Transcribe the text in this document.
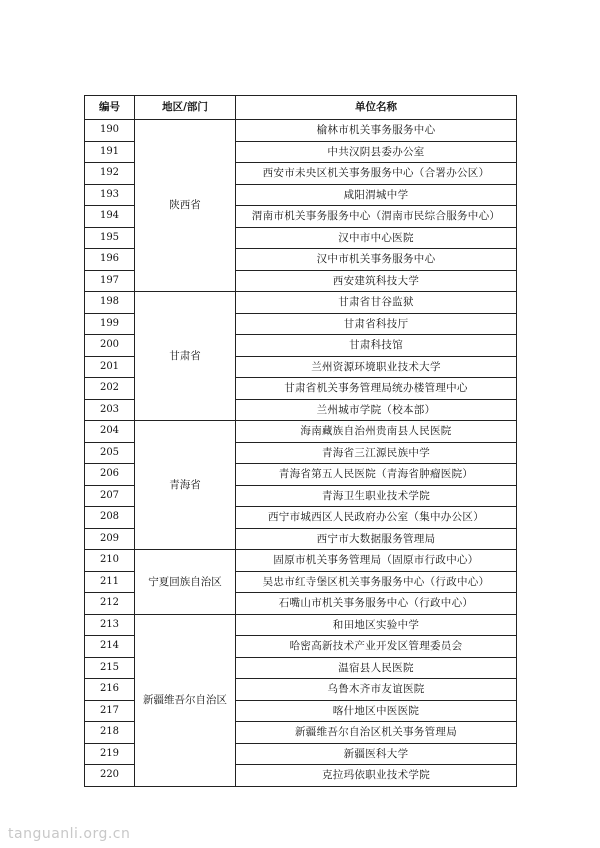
编号	地区/部门	单位名称
190	陕西省	榆林市机关事务服务中心
191		中共汉阴县委办公室
192		西安市未央区机关事务服务中心（合署办公区）
193		咸阳渭城中学
194		渭南市机关事务服务中心（渭南市民综合服务中心）
195		汉中市中心医院
196		汉中市机关事务服务中心
197		西安建筑科技大学
198	甘肃省	甘肃省甘谷监狱
199		甘肃省科技厅
200		甘肃科技馆
201		兰州资源环境职业技术大学
202		甘肃省机关事务管理局统办楼管理中心
203		兰州城市学院（校本部）
204	青海省	海南藏族自治州贵南县人民医院
205		青海省三江源民族中学
206		青海省第五人民医院（青海省肿瘤医院）
207		青海卫生职业技术学院
208		西宁市城西区人民政府办公室（集中办公区）
209		西宁市大数据服务管理局
210	宁夏回族自治区	固原市机关事务管理局（固原市行政中心）
211		吴忠市红寺堡区机关事务服务中心（行政中心）
212		石嘴山市机关事务服务中心（行政中心）
213	新疆维吾尔自治区	和田地区实验中学
214		哈密高新技术产业开发区管理委员会
215		温宿县人民医院
216		乌鲁木齐市友谊医院
217		喀什地区中医医院
218		新疆维吾尔自治区机关事务管理局
219		新疆医科大学
220		克拉玛依职业技术学院
tanguanli.org.cn
